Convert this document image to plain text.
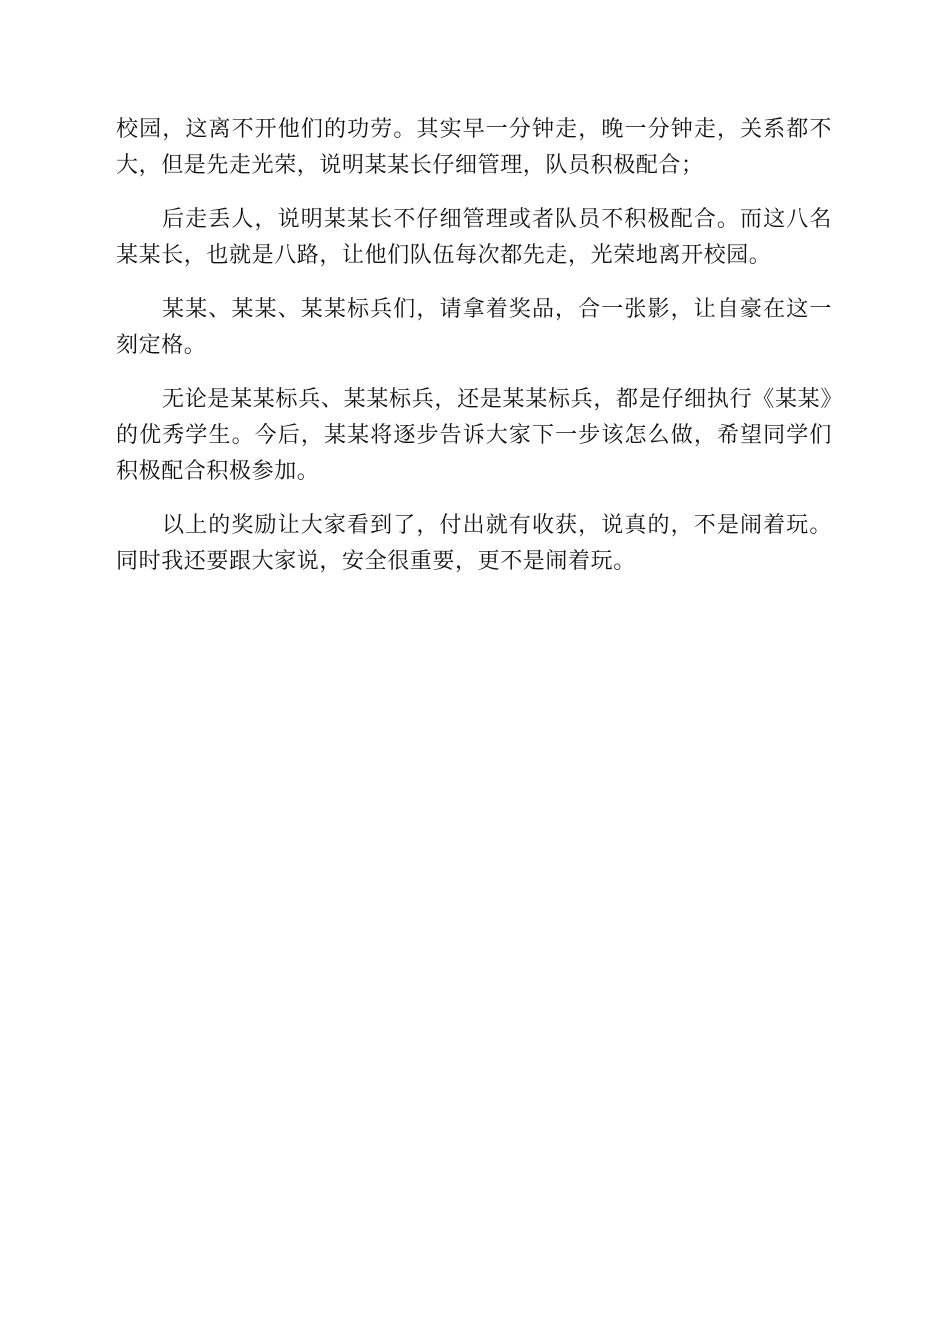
校园，这离不开他们的功劳。其实早一分钟走，晚一分钟走，关系都不大，但是先走光荣，说明某某长仔细管理，队员积极配合；

后走丢人，说明某某长不仔细管理或者队员不积极配合。而这八名某某长，也就是八路，让他们队伍每次都先走，光荣地离开校园。

某某、某某、某某标兵们，请拿着奖品，合一张影，让自豪在这一刻定格。

无论是某某标兵、某某标兵，还是某某标兵，都是仔细执行《某某》的优秀学生。今后，某某将逐步告诉大家下一步该怎么做，希望同学们积极配合积极参加。

以上的奖励让大家看到了，付出就有收获，说真的，不是闹着玩。同时我还要跟大家说，安全很重要，更不是闹着玩。
